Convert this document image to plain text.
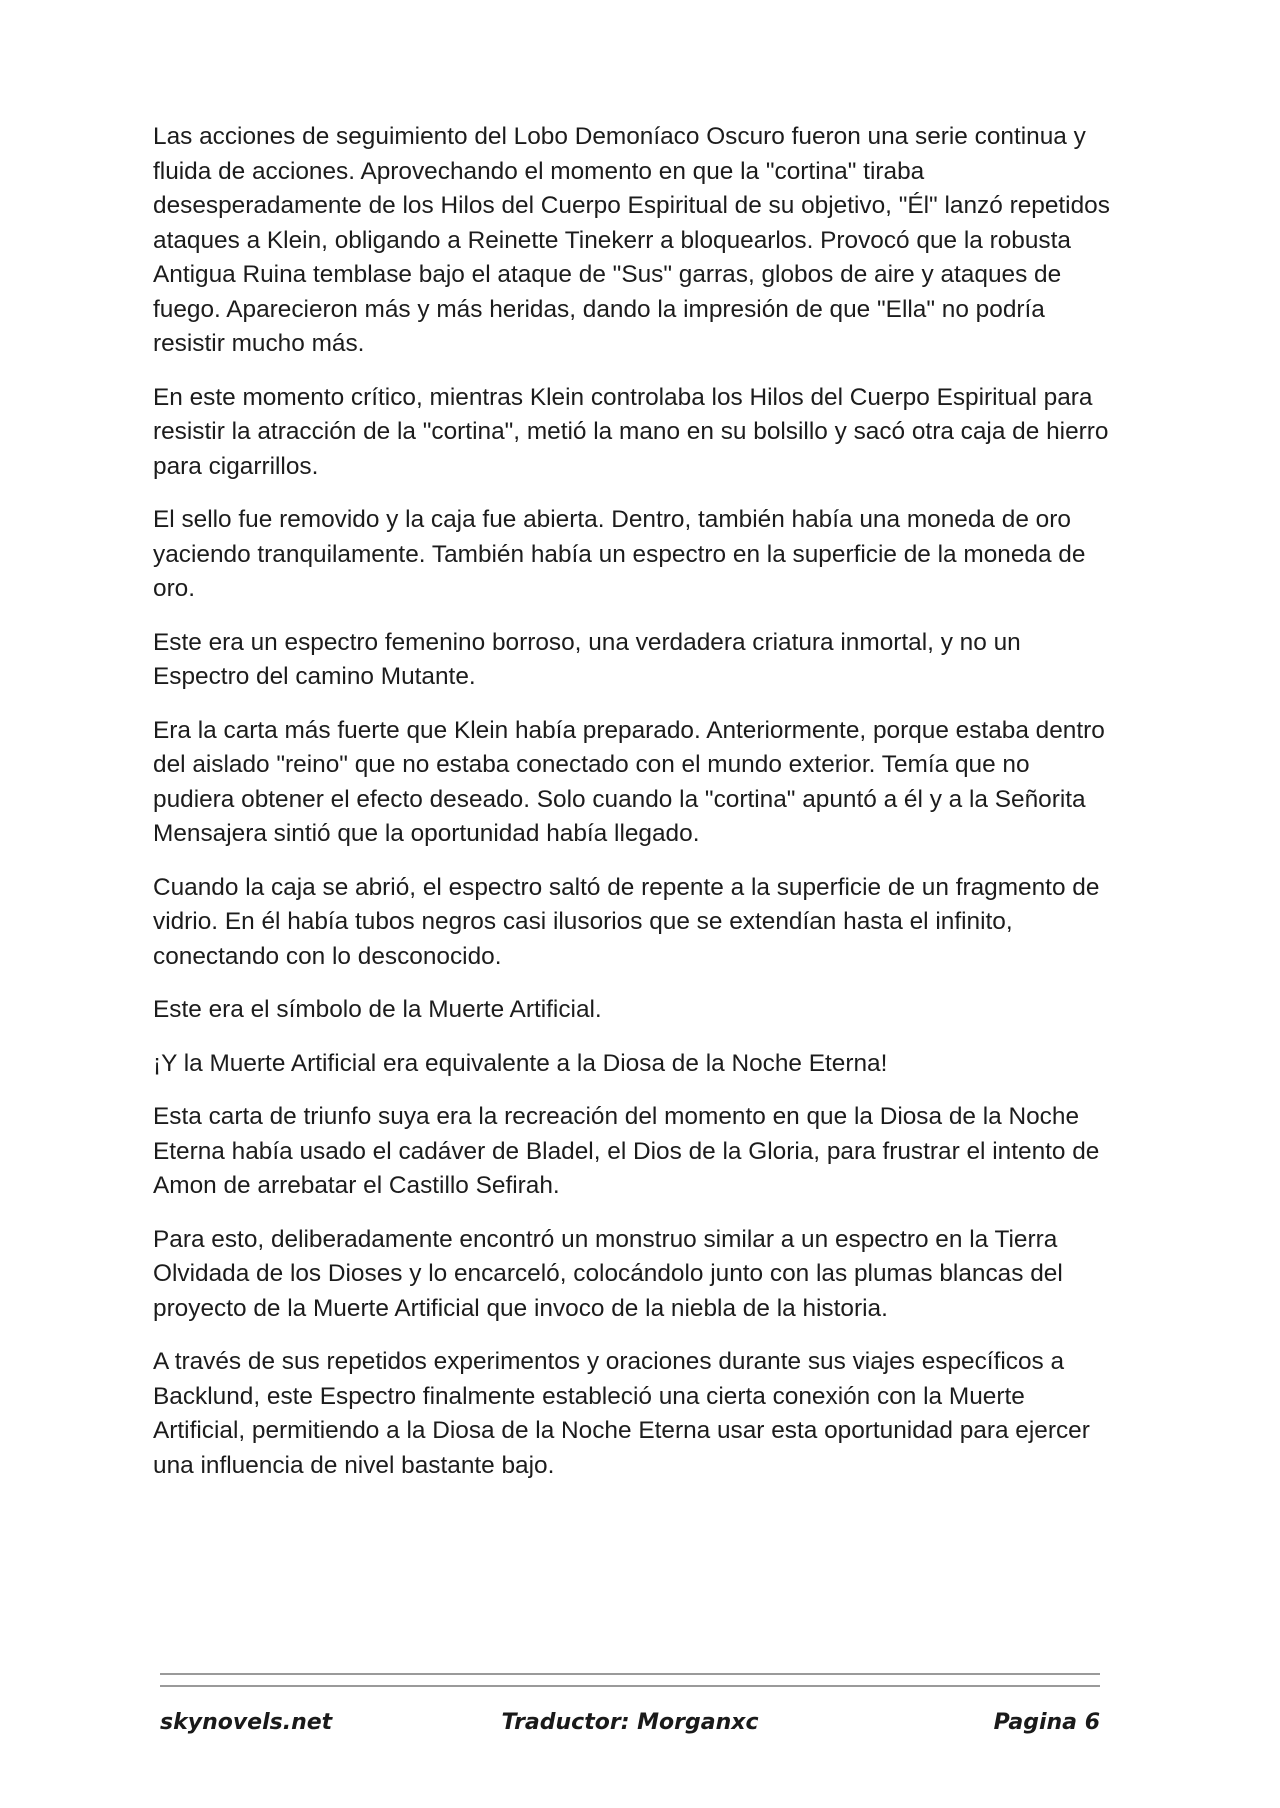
Las acciones de seguimiento del Lobo Demoníaco Oscuro fueron una serie continua y fluida de acciones. Aprovechando el momento en que la "cortina" tiraba desesperadamente de los Hilos del Cuerpo Espiritual de su objetivo, "Él" lanzó repetidos ataques a Klein, obligando a Reinette Tinekerr a bloquearlos. Provocó que la robusta Antigua Ruina temblase bajo el ataque de "Sus" garras, globos de aire y ataques de fuego. Aparecieron más y más heridas, dando la impresión de que "Ella" no podría resistir mucho más.

En este momento crítico, mientras Klein controlaba los Hilos del Cuerpo Espiritual para resistir la atracción de la "cortina", metió la mano en su bolsillo y sacó otra caja de hierro para cigarrillos.

El sello fue removido y la caja fue abierta. Dentro, también había una moneda de oro yaciendo tranquilamente. También había un espectro en la superficie de la moneda de oro.

Este era un espectro femenino borroso, una verdadera criatura inmortal, y no un Espectro del camino Mutante.

Era la carta más fuerte que Klein había preparado. Anteriormente, porque estaba dentro del aislado "reino" que no estaba conectado con el mundo exterior. Temía que no pudiera obtener el efecto deseado. Solo cuando la "cortina" apuntó a él y a la Señorita Mensajera sintió que la oportunidad había llegado.

Cuando la caja se abrió, el espectro saltó de repente a la superficie de un fragmento de vidrio. En él había tubos negros casi ilusorios que se extendían hasta el infinito, conectando con lo desconocido.

Este era el símbolo de la Muerte Artificial.

¡Y la Muerte Artificial era equivalente a la Diosa de la Noche Eterna!

Esta carta de triunfo suya era la recreación del momento en que la Diosa de la Noche Eterna había usado el cadáver de Bladel, el Dios de la Gloria, para frustrar el intento de Amon de arrebatar el Castillo Sefirah.

Para esto, deliberadamente encontró un monstruo similar a un espectro en la Tierra Olvidada de los Dioses y lo encarceló, colocándolo junto con las plumas blancas del proyecto de la Muerte Artificial que invoco de la niebla de la historia.

A través de sus repetidos experimentos y oraciones durante sus viajes específicos a Backlund, este Espectro finalmente estableció una cierta conexión con la Muerte Artificial, permitiendo a la Diosa de la Noche Eterna usar esta oportunidad para ejercer una influencia de nivel bastante bajo.

skynovels.net	Traductor: Morganxc	Pagina 6
